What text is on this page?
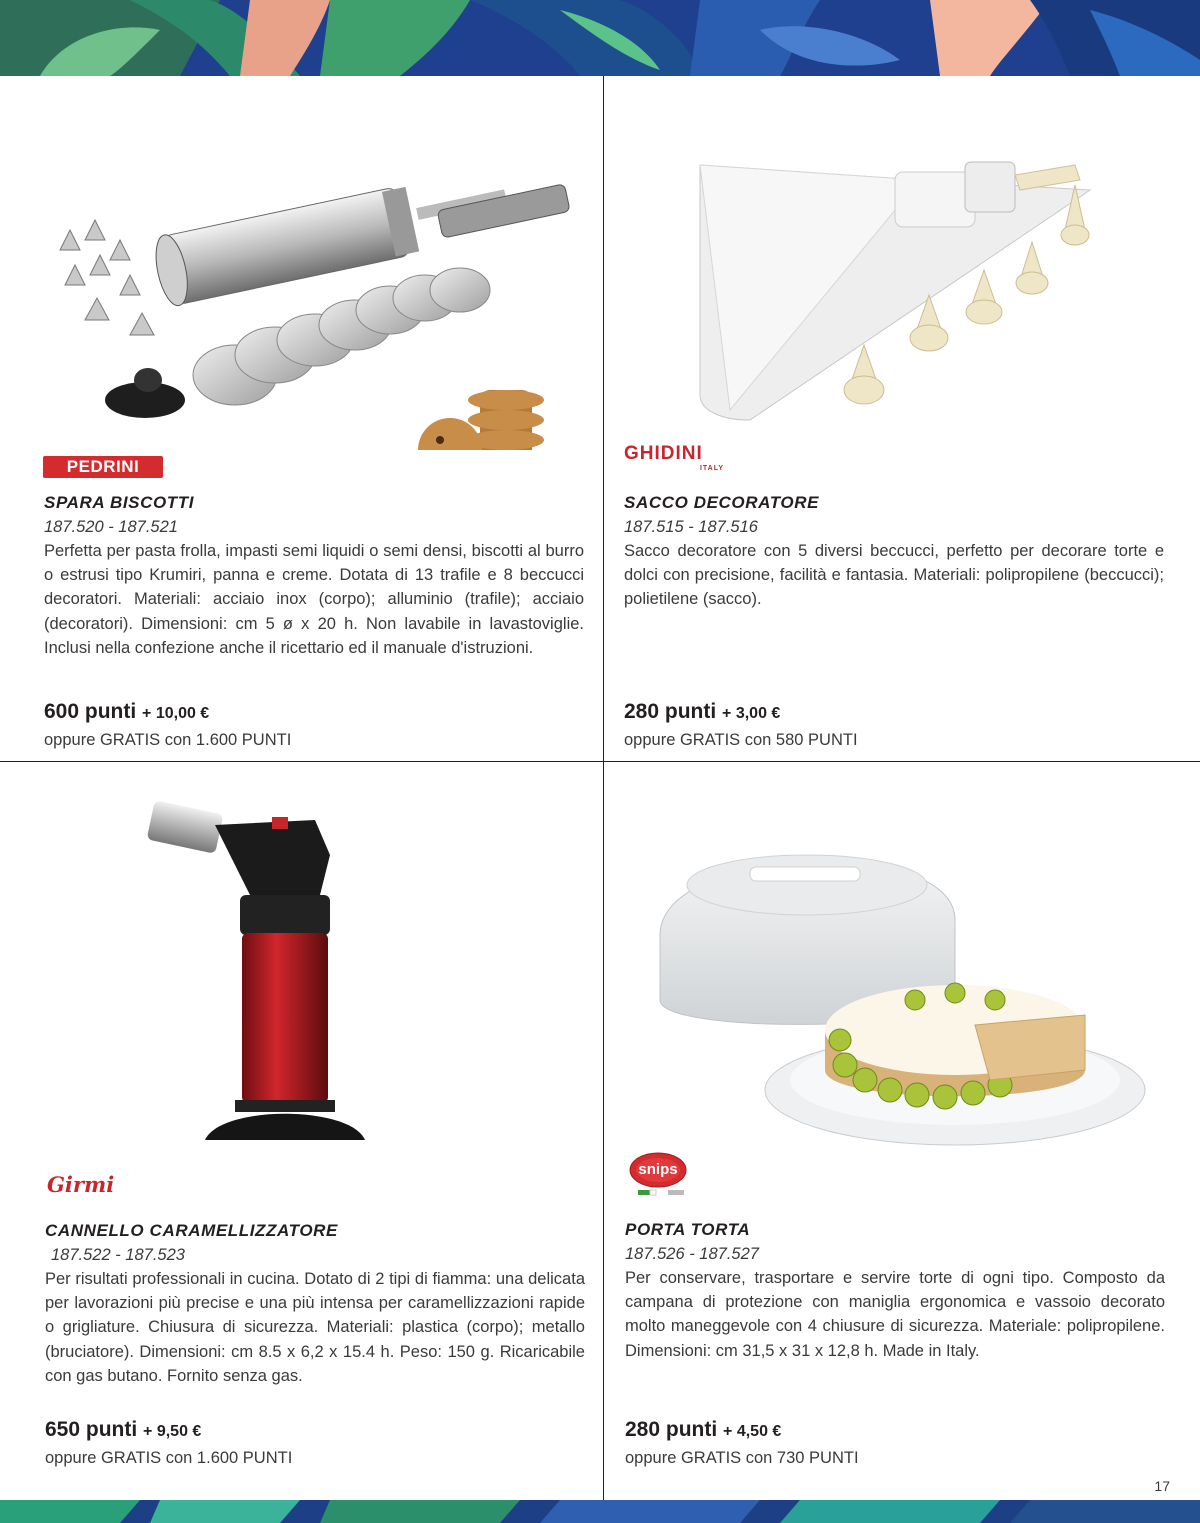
PEDRINI
SPARA BISCOTTI
187.520 - 187.521

Perfetta per pasta frolla, impasti semi liquidi o semi densi, biscotti al burro o estrusi tipo Krumiri, panna e creme. Dotata di 13 trafile e 8 beccucci decoratori. Materiali: acciaio inox (corpo); alluminio (trafile); acciaio (decoratori). Dimensioni: cm 5 ø x 20 h. Non lavabile in lavastoviglie. Inclusi nella confezione anche il ricettario ed il manuale d'istruzioni.

600 punti + 10,00 €
oppure GRATIS con 1.600 PUNTI
GHIDINI
ITALY
SACCO DECORATORE
187.515 - 187.516

Sacco decoratore con 5 diversi beccucci, perfetto per decorare torte e dolci con precisione, facilità e fantasia. Materiali: polipropilene (beccucci); polietilene (sacco).

280 punti + 3,00 €
oppure GRATIS con 580 PUNTI
Girmi
CANNELLO CARAMELLIZZATORE
187.522 - 187.523

Per risultati professionali in cucina. Dotato di 2 tipi di fiamma: una delicata per lavorazioni più precise e una più intensa per caramellizzazioni rapide o grigliature. Chiusura di sicurezza. Materiali: plastica (corpo); metallo (bruciatore). Dimensioni: cm 8.5 x 6,2 x 15.4 h. Peso: 150 g. Ricaricabile con gas butano. Fornito senza gas.

650 punti + 9,50 €
oppure GRATIS con 1.600 PUNTI
snips
PORTA TORTA
187.526 - 187.527

Per conservare, trasportare e servire torte di ogni tipo. Composto da campana di protezione con maniglia ergonomica e vassoio decorato molto maneggevole con 4 chiusure di sicurezza. Materiale: polipropilene. Dimensioni: cm 31,5 x 31 x 12,8 h. Made in Italy.

280 punti + 4,50 €
oppure GRATIS con 730 PUNTI
17
